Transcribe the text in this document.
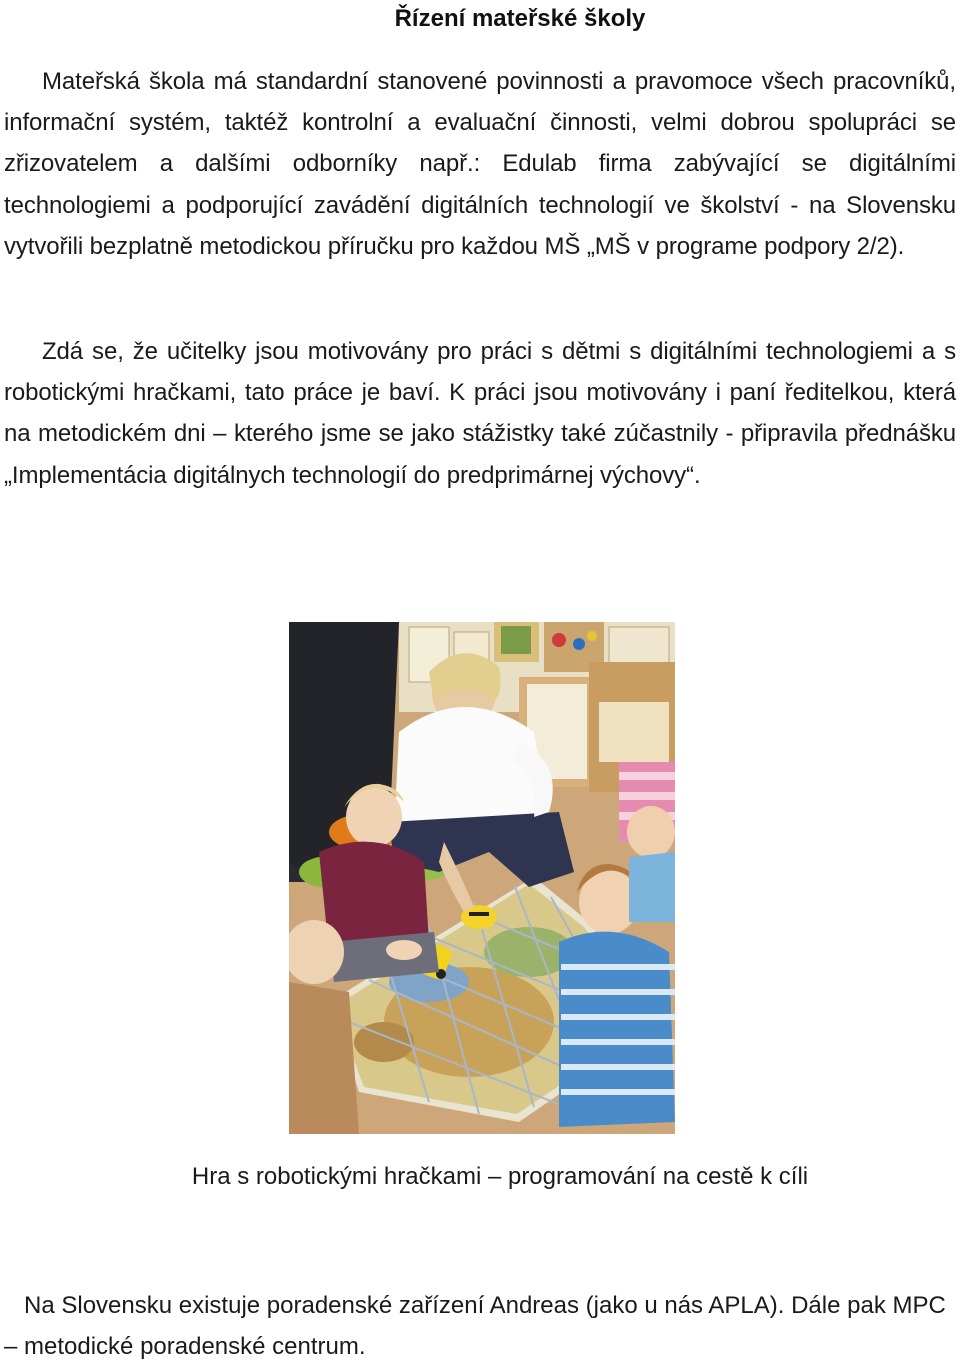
Řízení mateřské školy

Mateřská škola má standardní stanovené povinnosti a pravomoce všech pracovníků, informační systém, taktéž kontrolní a evaluační činnosti, velmi dobrou spolupráci se zřizovatelem a dalšími odborníky např.: Edulab firma zabývající se digitálními technologiemi a podporující zavádění digitálních technologií ve školství - na Slovensku vytvořili bezplatně metodickou příručku pro každou MŠ „MŠ v programe podpory 2/2).

Zdá se, že učitelky jsou motivovány pro práci s dětmi s digitálními technologiemi a s robotickými hračkami, tato práce je baví. K práci jsou motivovány i paní ředitelkou, která na metodickém dni – kterého jsme se jako stážistky také zúčastnily - připravila přednášku „Implementácia digitálnych technologií do predprimárnej výchovy“.

Hra s robotickými hračkami – programování na cestě k cíli

Na Slovensku existuje poradenské zařízení Andreas (jako u nás APLA). Dále pak MPC – metodické poradenské centrum.
